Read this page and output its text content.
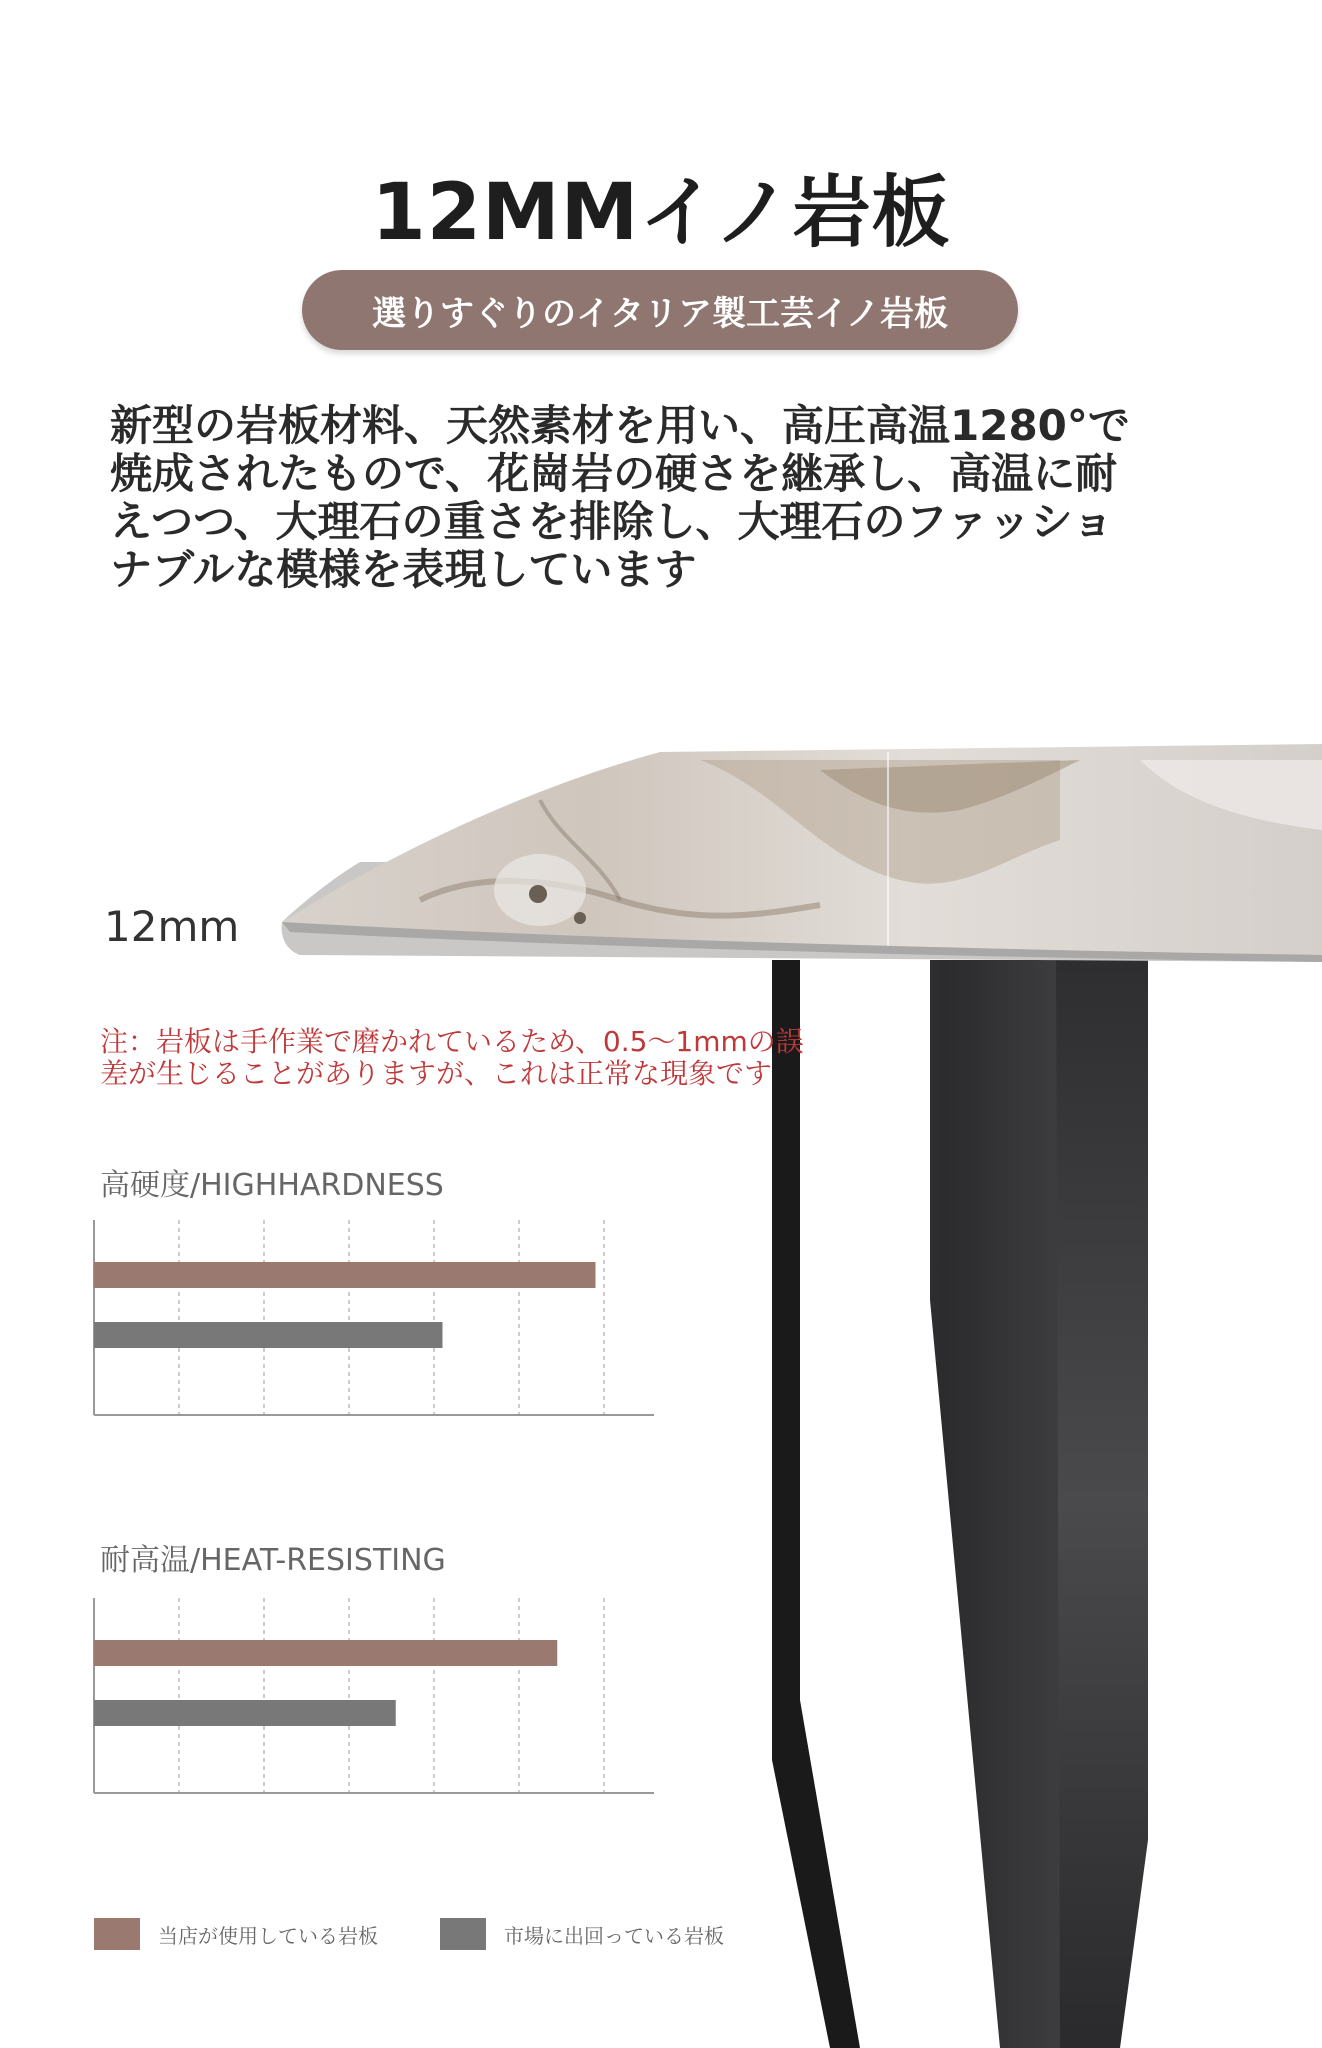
12MMイノ岩板
選りすぐりのイタリア製工芸イノ岩板
新型の岩板材料、天然素材を用い、高圧高温1280°で
焼成されたもので、花崗岩の硬さを継承し、高温に耐
えつつ、大理石の重さを排除し、大理石のファッショ
ナブルな模様を表現しています
12mm
注：岩板は手作業で磨かれているため、0.5〜1mmの誤
差が生じることがありますが、これは正常な現象です
高硬度/HIGHHARDNESS
耐高温/HEAT-RESISTING
当店が使用している岩板	市場に出回っている岩板
